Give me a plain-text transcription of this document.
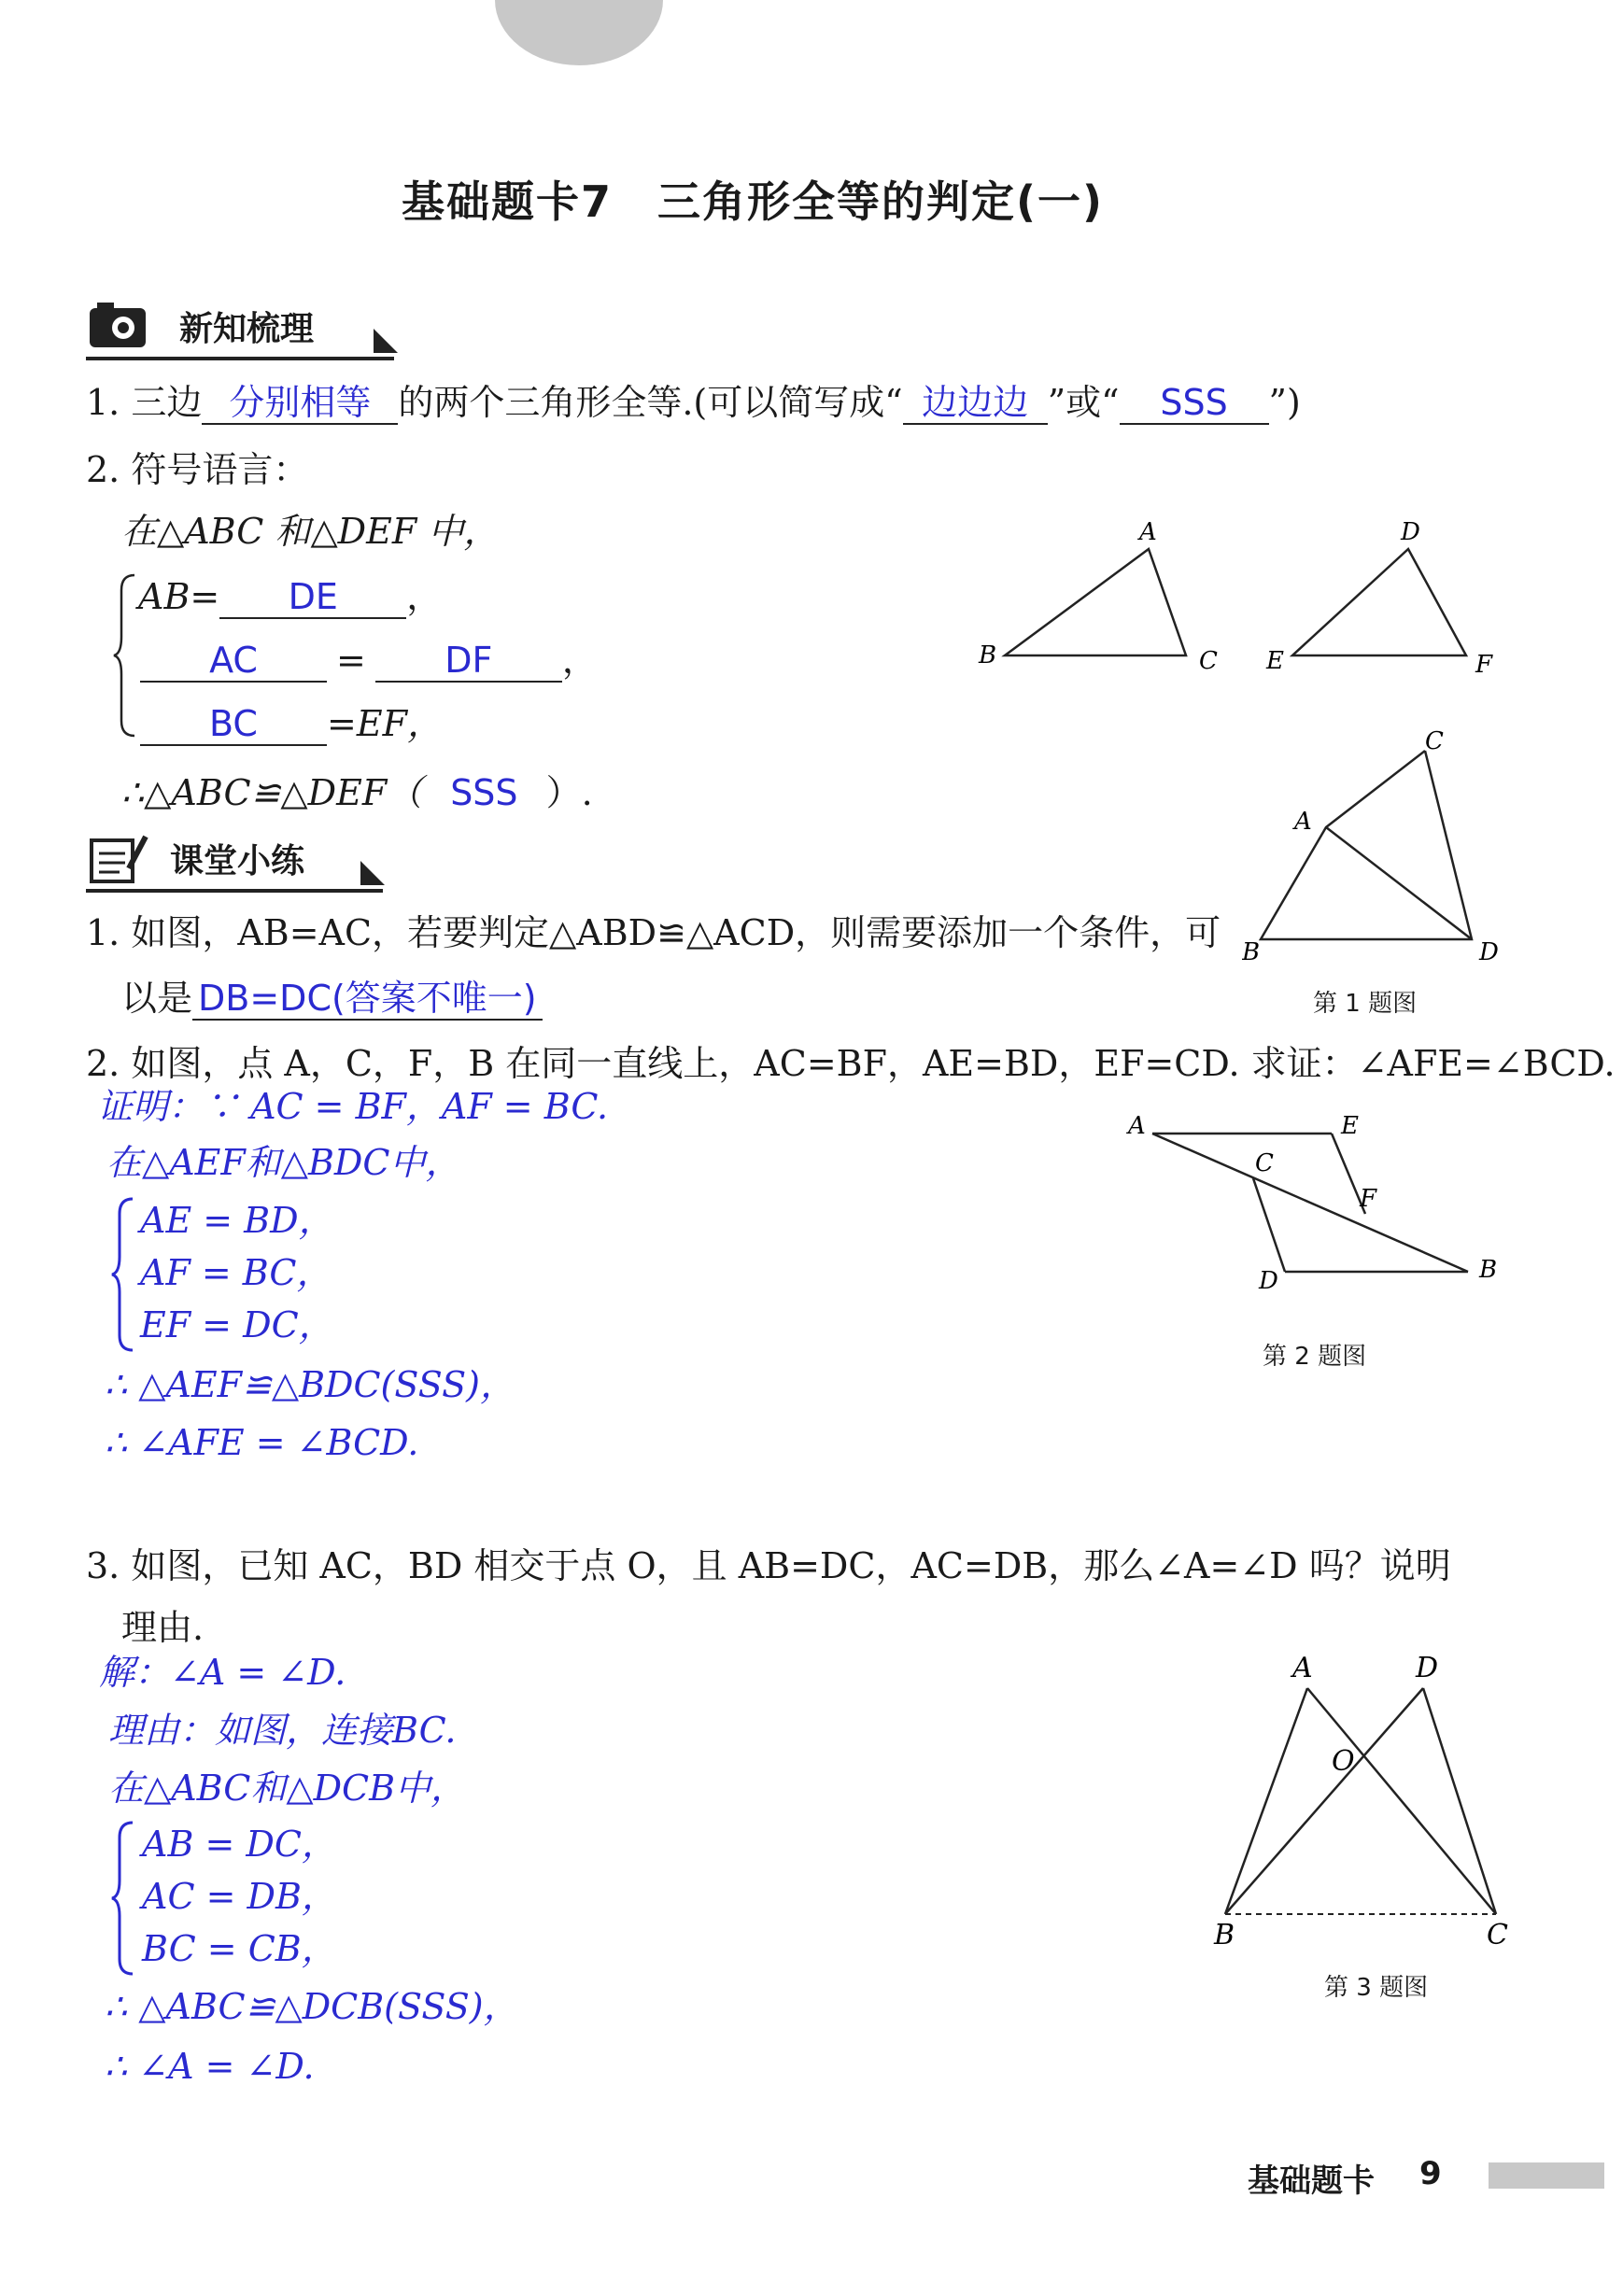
基础题卡7　三角形全等的判定(一)
新知梳理
1. 三边 分别相等 的两个三角形全等.(可以简写成“ 边边边 ”或“ SSS ”)
2. 符号语言：
在△ABC 和△DEF 中，
AB= DE ，
AC = DF ，
BC =EF，
∴△ABC≌△DEF（ SSS ）.
A
B	C
D
E	F
课堂小练
1. 如图，AB=AC，若要判定△ABD≌△ACD，则需要添加一个条件，可
以是 DB=DC(答案不唯一)
C
A
B	D
第 1 题图
2. 如图，点 A，C，F，B 在同一直线上，AC=BF，AE=BD，EF=CD. 求证：∠AFE=∠BCD.
证明：∵ AC = BF，AF = BC.
在△AEF和△BDC中，
AE = BD，
AF = BC，
EF = DC，
∴ △AEF≌△BDC(SSS)，
∴ ∠AFE = ∠BCD.
A	E
C
F
D	B
第 2 题图
3. 如图，已知 AC，BD 相交于点 O，且 AB=DC，AC=DB，那么∠A=∠D 吗？说明
理由.
解：∠A = ∠D.
理由：如图，连接BC.
在△ABC和△DCB中，
AB = DC，
AC = DB，
BC = CB，
∴ △ABC≌△DCB(SSS)，
∴ ∠A = ∠D.
A	D
O
B	C
第 3 题图
基础题卡 9
